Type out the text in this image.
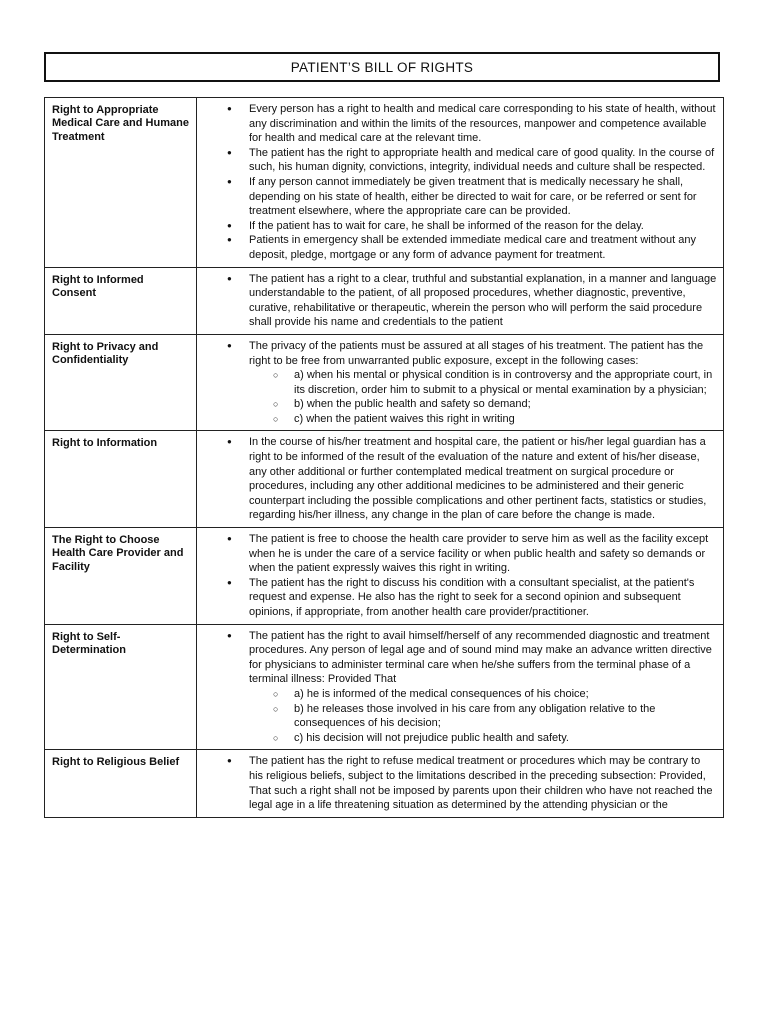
PATIENT’S BILL OF RIGHTS
Right to Appropriate Medical Care and Humane Treatment
● Every person has a right to health and medical care corresponding to his state of health, without any discrimination and within the limits of the resources, manpower and competence available for health and medical care at the relevant time.
● The patient has the right to appropriate health and medical care of good quality. In the course of such, his human dignity, convictions, integrity, individual needs and culture shall be respected.
● If any person cannot immediately be given treatment that is medically necessary he shall, depending on his state of health, either be directed to wait for care, or be referred or sent for treatment elsewhere, where the appropriate care can be provided.
● If the patient has to wait for care, he shall be informed of the reason for the delay.
● Patients in emergency shall be extended immediate medical care and treatment without any deposit, pledge, mortgage or any form of advance payment for treatment.
Right to Informed Consent
● The patient has a right to a clear, truthful and substantial explanation, in a manner and language understandable to the patient, of all proposed procedures, whether diagnostic, preventive, curative, rehabilitative or therapeutic, wherein the person who will perform the said procedure shall provide his name and credentials to the patient
Right to Privacy and Confidentiality
● The privacy of the patients must be assured at all stages of his treatment. The patient has the right to be free from unwarranted public exposure, except in the following cases:
○ a) when his mental or physical condition is in controversy and the appropriate court, in its discretion, order him to submit to a physical or mental examination by a physician;
○ b) when the public health and safety so demand;
○ c) when the patient waives this right in writing
Right to Information	● In the course of his/her treatment and hospital care, the patient or his/her legal guardian has a right to be informed of the result of the evaluation of the nature and extent of his/her disease, any other additional or further contemplated medical treatment on surgical procedure or procedures, including any other additional medicines to be administered and their generic counterpart including the possible complications and other pertinent facts, statistics or studies, regarding his/her illness, any change in the plan of care before the change is made.
The Right to Choose Health Care Provider and Facility
● The patient is free to choose the health care provider to serve him as well as the facility except when he is under the care of a service facility or when public health and safety so demands or when the patient expressly waives this right in writing.
● The patient has the right to discuss his condition with a consultant specialist, at the patient's request and expense. He also has the right to seek for a second opinion and subsequent opinions, if appropriate, from another health care provider/practitioner.
Right to Self-Determination
● The patient has the right to avail himself/herself of any recommended diagnostic and treatment procedures. Any person of legal age and of sound mind may make an advance written directive for physicians to administer terminal care when he/she suffers from the terminal phase of a terminal illness: Provided That
○ a) he is informed of the medical consequences of his choice;
○ b) he releases those involved in his care from any obligation relative to the consequences of his decision;
○ c) his decision will not prejudice public health and safety.
Right to Religious Belief	● The patient has the right to refuse medical treatment or procedures which may be contrary to his religious beliefs, subject to the limitations described in the preceding subsection: Provided, That such a right shall not be imposed by parents upon their children who have not reached the legal age in a life threatening situation as determined by the attending physician or the
